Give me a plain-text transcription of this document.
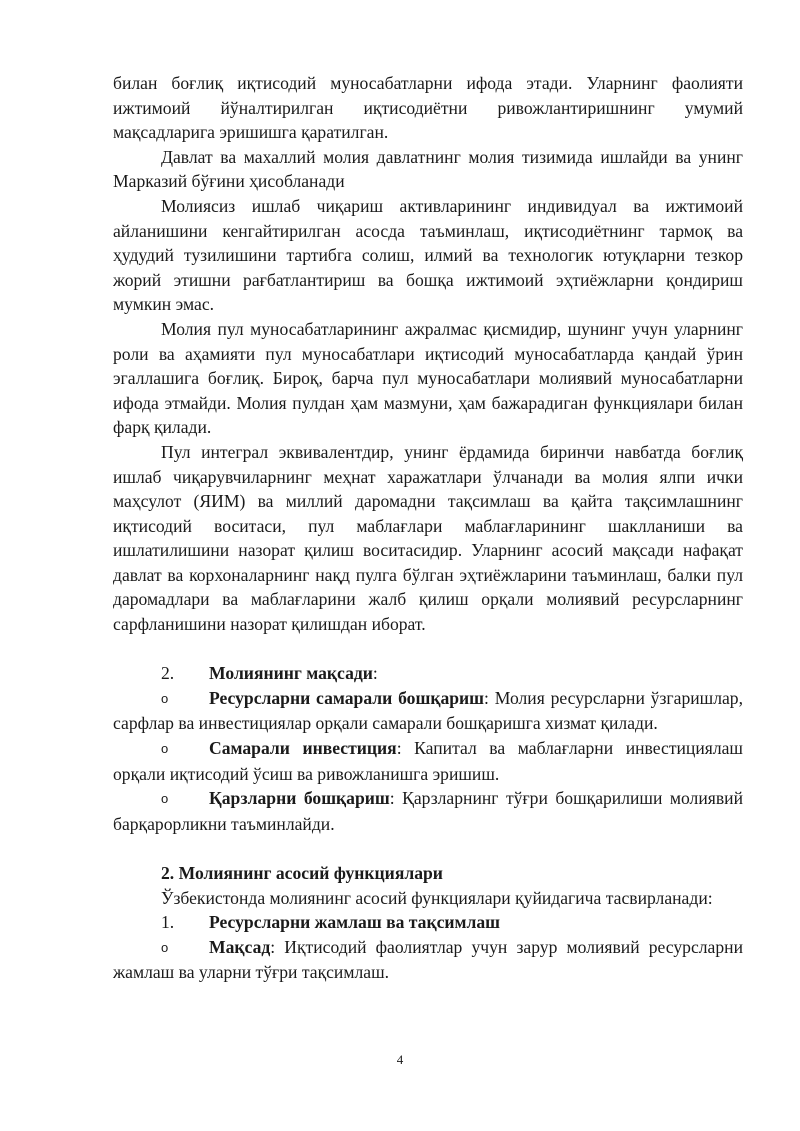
билан боғлиқ иқтисодий муносабатларни ифода этади. Уларнинг фаолияти ижтимоий йўналтирилган иқтисодиётни ривожлантиришнинг умумий мақсадларига эришишга қаратилган.

Давлат ва махаллий молия давлатнинг молия тизимида ишлайди ва унинг Марказий бўғини ҳисобланади

Молиясиз ишлаб чиқариш активларининг индивидуал ва ижтимоий айланишини кенгайтирилган асосда таъминлаш, иқтисодиётнинг тармоқ ва ҳудудий тузилишини тартибга солиш, илмий ва технологик ютуқларни тезкор жорий этишни рағбатлантириш ва бошқа ижтимоий эҳтиёжларни қондириш мумкин эмас.

Молия пул муносабатларининг ажралмас қисмидир, шунинг учун уларнинг роли ва аҳамияти пул муносабатлари иқтисодий муносабатларда қандай ўрин эгаллашига боғлиқ. Бироқ, барча пул муносабатлари молиявий муносабатларни ифода этмайди. Молия пулдан ҳам мазмуни, ҳам бажарадиган функциялари билан фарқ қилади.

Пул интеграл эквивалентдир, унинг ёрдамида биринчи навбатда боғлиқ ишлаб чиқарувчиларнинг меҳнат харажатлари ўлчанади ва молия ялпи ички маҳсулот (ЯИМ) ва миллий даромадни тақсимлаш ва қайта тақсимлашнинг иқтисодий воситаси, пул маблағлари маблағларининг шаклланиши ва ишлатилишини назорат қилиш воситасидир. Уларнинг асосий мақсади нафақат давлат ва корхоналарнинг нақд пулга бўлган эҳтиёжларини таъминлаш, балки пул даромадлари ва маблағларини жалб қилиш орқали молиявий ресурсларнинг сарфланишини назорат қилишдан иборат.

2. Молиянинг мақсади:

o Ресурсларни самарали бошқариш: Молия ресурсларни ўзгаришлар, сарфлар ва инвестициялар орқали самарали бошқаришга хизмат қилади.

o Самарали инвестиция: Капитал ва маблағларни инвестициялаш орқали иқтисодий ўсиш ва ривожланишга эришиш.

o Қарзларни бошқариш: Қарзларнинг тўғри бошқарилиши молиявий барқарорликни таъминлайди.

2. Молиянинг асосий функциялари

Ўзбекистонда молиянинг асосий функциялари қуйидагича тасвирланади:

1. Ресурсларни жамлаш ва тақсимлаш

o Мақсад: Иқтисодий фаолиятлар учун зарур молиявий ресурсларни жамлаш ва уларни тўғри тақсимлаш.

4
